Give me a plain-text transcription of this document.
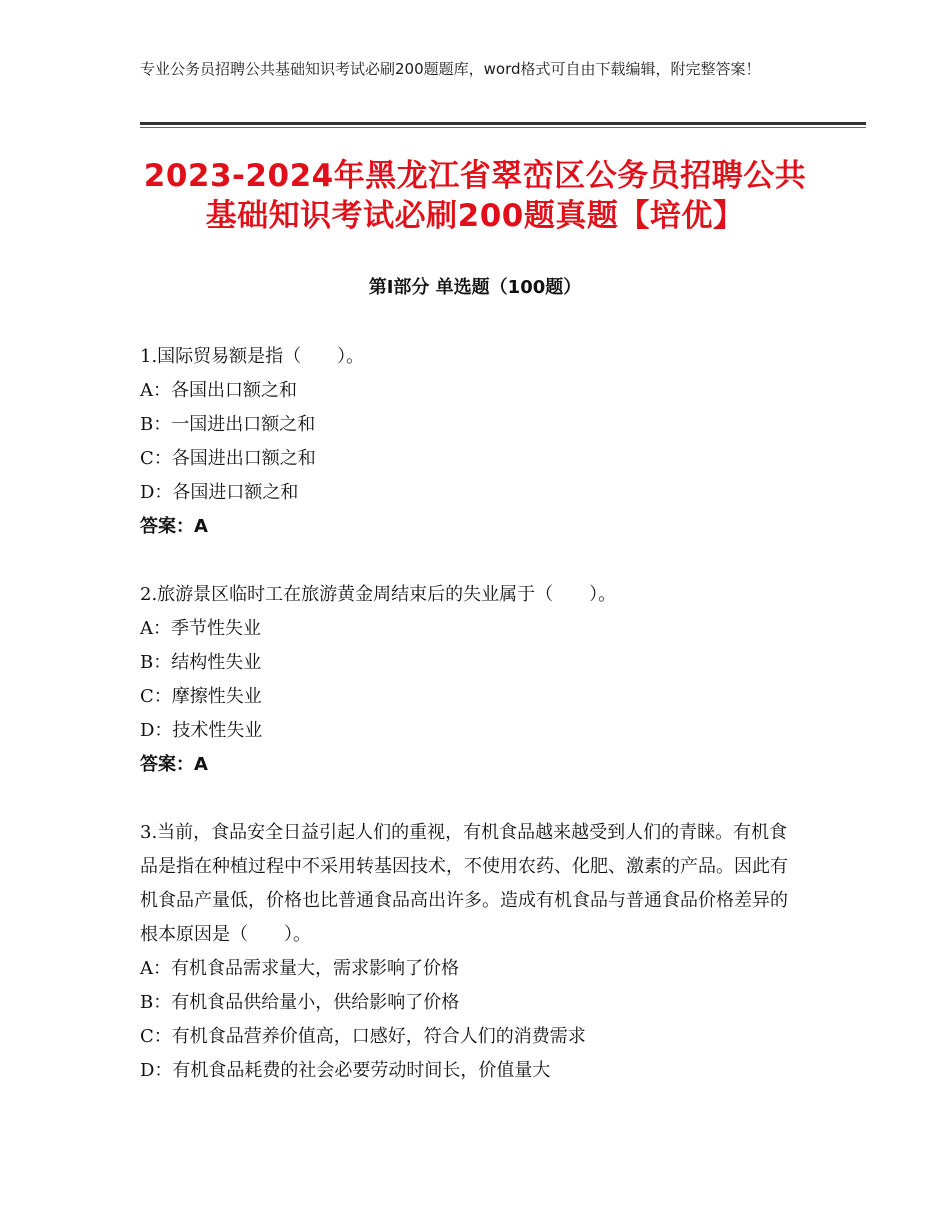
专业公务员招聘公共基础知识考试必刷200题题库，word格式可自由下载编辑，附完整答案！
2023-2024年黑龙江省翠峦区公务员招聘公共基础知识考试必刷200题真题【培优】
第Ⅰ部分 单选题（100题）
1.国际贸易额是指（　　）。
A：各国出口额之和
B：一国进出口额之和
C：各国进出口额之和
D：各国进口额之和
答案：A
2.旅游景区临时工在旅游黄金周结束后的失业属于（　　）。
A：季节性失业
B：结构性失业
C：摩擦性失业
D：技术性失业
答案：A
3.当前，食品安全日益引起人们的重视，有机食品越来越受到人们的青睐。有机食品是指在种植过程中不采用转基因技术，不使用农药、化肥、激素的产品。因此有机食品产量低，价格也比普通食品高出许多。造成有机食品与普通食品价格差异的根本原因是（　　）。
A：有机食品需求量大，需求影响了价格
B：有机食品供给量小，供给影响了价格
C：有机食品营养价值高，口感好，符合人们的消费需求
D：有机食品耗费的社会必要劳动时间长，价值量大
